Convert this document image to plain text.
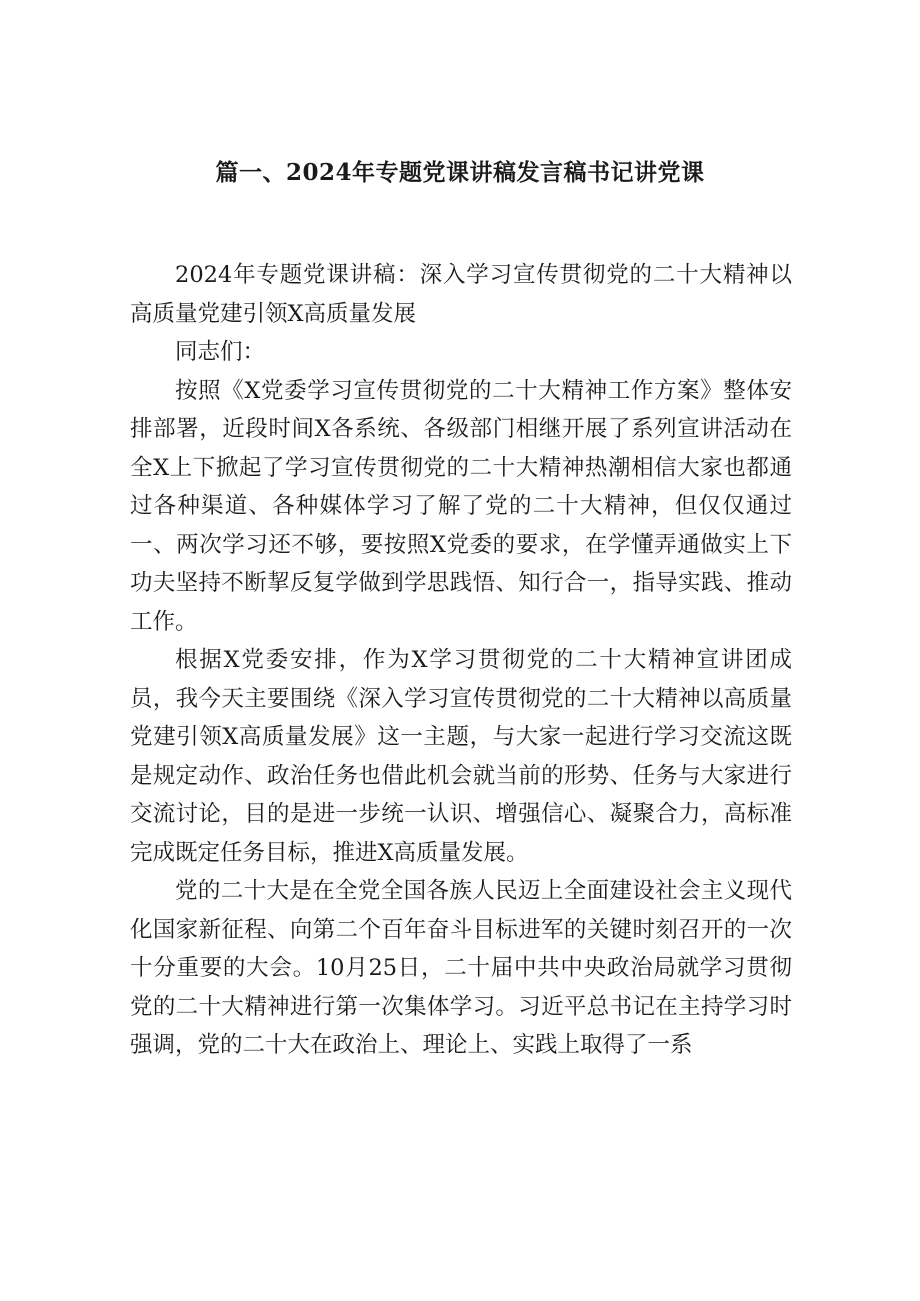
篇一、2024年专题党课讲稿发言稿书记讲党课

2024年专题党课讲稿：深入学习宣传贯彻党的二十大精神以高质量党建引领X高质量发展

同志们：

按照《X党委学习宣传贯彻党的二十大精神工作方案》整体安排部署，近段时间X各系统、各级部门相继开展了系列宣讲活动在全X上下掀起了学习宣传贯彻党的二十大精神热潮相信大家也都通过各种渠道、各种媒体学习了解了党的二十大精神，但仅仅通过一、两次学习还不够，要按照X党委的要求，在学懂弄通做实上下功夫坚持不断挈反复学做到学思践悟、知行合一，指导实践、推动工作。

根据X党委安排，作为X学习贯彻党的二十大精神宣讲团成员，我今天主要围绕《深入学习宣传贯彻党的二十大精神以高质量党建引领X高质量发展》这一主题，与大家一起进行学习交流这既是规定动作、政治任务也借此机会就当前的形势、任务与大家进行交流讨论，目的是进一步统一认识、增强信心、凝聚合力，高标准完成既定任务目标，推进X高质量发展。

党的二十大是在全党全国各族人民迈上全面建设社会主义现代化国家新征程、向第二个百年奋斗目标进军的关键时刻召开的一次十分重要的大会。10月25日，二十届中共中央政治局就学习贯彻党的二十大精神进行第一次集体学习。习近平总书记在主持学习时强调，党的二十大在政治上、理论上、实践上取得了一系
